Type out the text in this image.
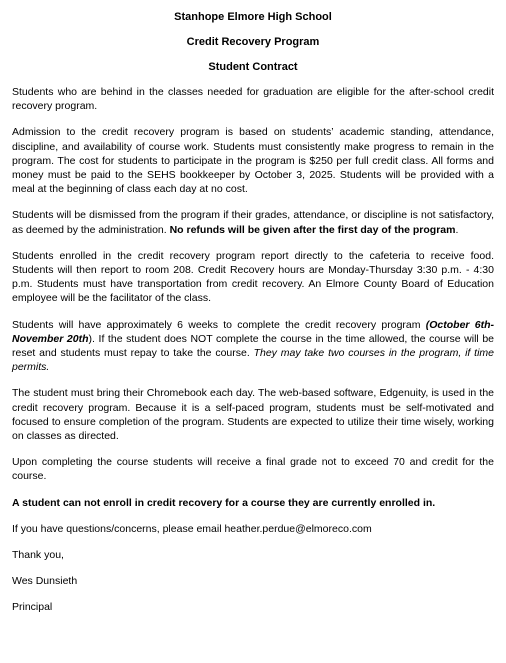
Stanhope Elmore High School

Credit Recovery Program

Student Contract

Students who are behind in the classes needed for graduation are eligible for the after-school credit recovery program.

Admission to the credit recovery program is based on students’ academic standing, attendance, discipline, and availability of course work. Students must consistently make progress to remain in the program. The cost for students to participate in the program is $250 per full credit class. All forms and money must be paid to the SEHS bookkeeper by October 3, 2025. Students will be provided with a meal at the beginning of class each day at no cost.

Students will be dismissed from the program if their grades, attendance, or discipline is not satisfactory, as deemed by the administration. No refunds will be given after the first day of the program.

Students enrolled in the credit recovery program report directly to the cafeteria to receive food. Students will then report to room 208. Credit Recovery hours are Monday-Thursday 3:30 p.m. - 4:30 p.m. Students must have transportation from credit recovery. An Elmore County Board of Education employee will be the facilitator of the class.

Students will have approximately 6 weeks to complete the credit recovery program (October 6th-November 20th). If the student does NOT complete the course in the time allowed, the course will be reset and students must repay to take the course. They may take two courses in the program, if time permits.

The student must bring their Chromebook each day. The web-based software, Edgenuity, is used in the credit recovery program. Because it is a self-paced program, students must be self-motivated and focused to ensure completion of the program. Students are expected to utilize their time wisely, working on classes as directed.

Upon completing the course students will receive a final grade not to exceed 70 and credit for the course.

A student can not enroll in credit recovery for a course they are currently enrolled in.

If you have questions/concerns, please email heather.perdue@elmoreco.com

Thank you,

Wes Dunsieth

Principal
